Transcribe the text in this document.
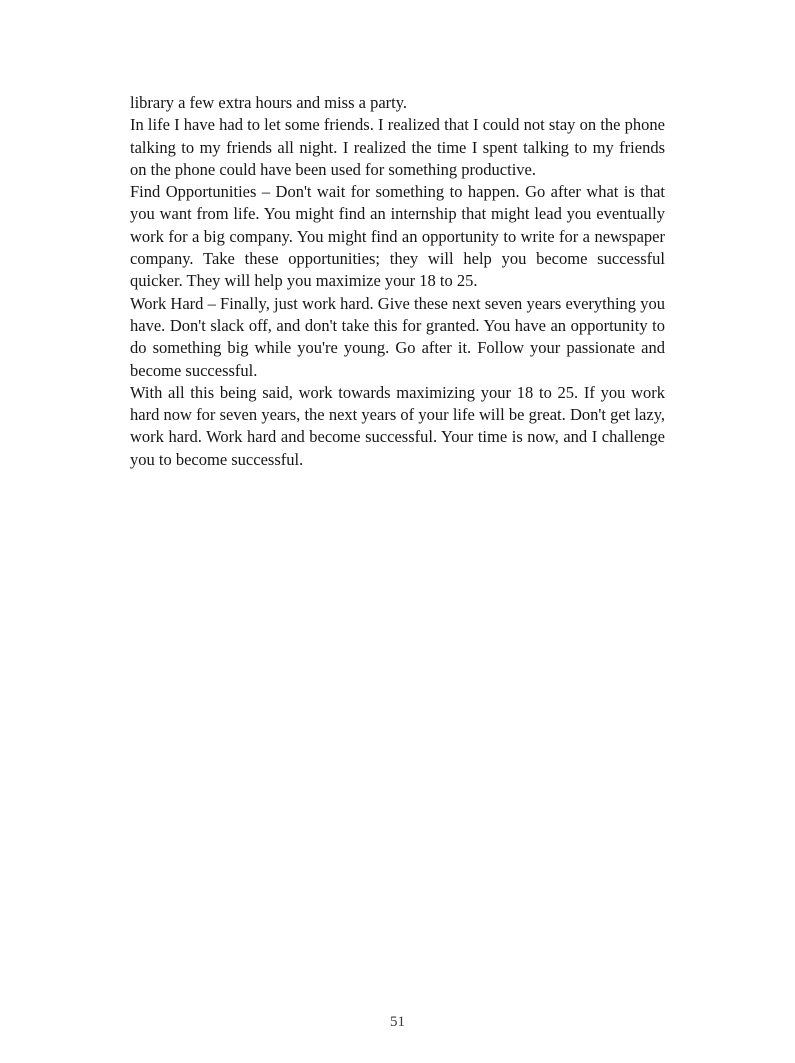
library a few extra hours and miss a party.

In life I have had to let some friends. I realized that I could not stay on the phone talking to my friends all night. I realized the time I spent talking to my friends on the phone could have been used for something productive.

Find Opportunities – Don't wait for something to happen. Go after what is that you want from life. You might find an internship that might lead you eventually work for a big company. You might find an opportunity to write for a newspaper company. Take these opportunities; they will help you become successful quicker. They will help you maximize your 18 to 25.

Work Hard – Finally, just work hard. Give these next seven years everything you have. Don't slack off, and don't take this for granted. You have an opportunity to do something big while you're young. Go after it. Follow your passionate and become successful.

With all this being said, work towards maximizing your 18 to 25. If you work hard now for seven years, the next years of your life will be great. Don't get lazy, work hard. Work hard and become successful. Your time is now, and I challenge you to become successful.

51
